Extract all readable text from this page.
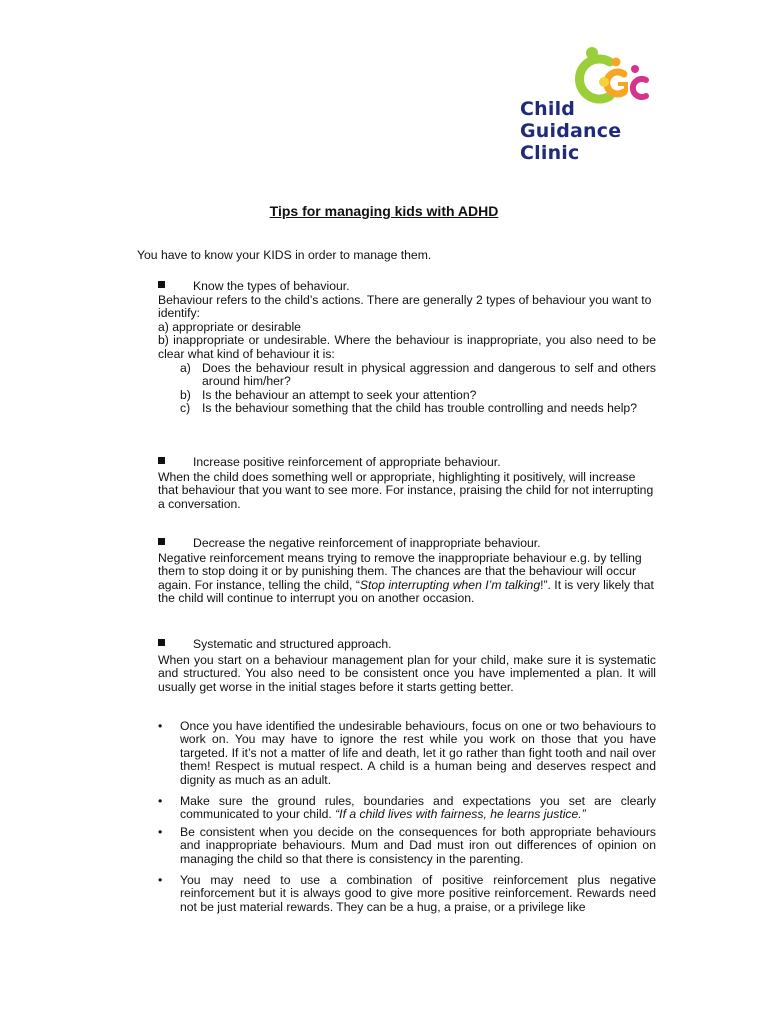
Child
Guidance
Clinic
Tips for managing kids with ADHD
You have to know your KIDS in order to manage them.
Know the types of behaviour.

Behaviour refers to the child’s actions. There are generally 2 types of behaviour you want to identify:

a) appropriate or desirable

b) inappropriate or undesirable. Where the behaviour is inappropriate, you also need to be clear what kind of behaviour it is:

a) Does the behaviour result in physical aggression and dangerous to self and others around him/her?
b) Is the behaviour an attempt to seek your attention?
c) Is the behaviour something that the child has trouble controlling and needs help?
Increase positive reinforcement of appropriate behaviour.

When the child does something well or appropriate, highlighting it positively, will increase that behaviour that you want to see more. For instance, praising the child for not interrupting a conversation.

Decrease the negative reinforcement of inappropriate behaviour.

Negative reinforcement means trying to remove the inappropriate behaviour e.g. by telling them to stop doing it or by punishing them. The chances are that the behaviour will occur again. For instance, telling the child, “Stop interrupting when I’m talking!”. It is very likely that the child will continue to interrupt you on another occasion.

Systematic and structured approach.

When you start on a behaviour management plan for your child, make sure it is systematic and structured. You also need to be consistent once you have implemented a plan. It will usually get worse in the initial stages before it starts getting better.

• Once you have identified the undesirable behaviours, focus on one or two behaviours to work on. You may have to ignore the rest while you work on those that you have targeted. If it’s not a matter of life and death, let it go rather than fight tooth and nail over them! Respect is mutual respect. A child is a human being and deserves respect and dignity as much as an adult.
• Make sure the ground rules, boundaries and expectations you set are clearly communicated to your child. “If a child lives with fairness, he learns justice.”
• Be consistent when you decide on the consequences for both appropriate behaviours and inappropriate behaviours. Mum and Dad must iron out differences of opinion on managing the child so that there is consistency in the parenting.
• You may need to use a combination of positive reinforcement plus negative reinforcement but it is always good to give more positive reinforcement. Rewards need not be just material rewards. They can be a hug, a praise, or a privilege like
